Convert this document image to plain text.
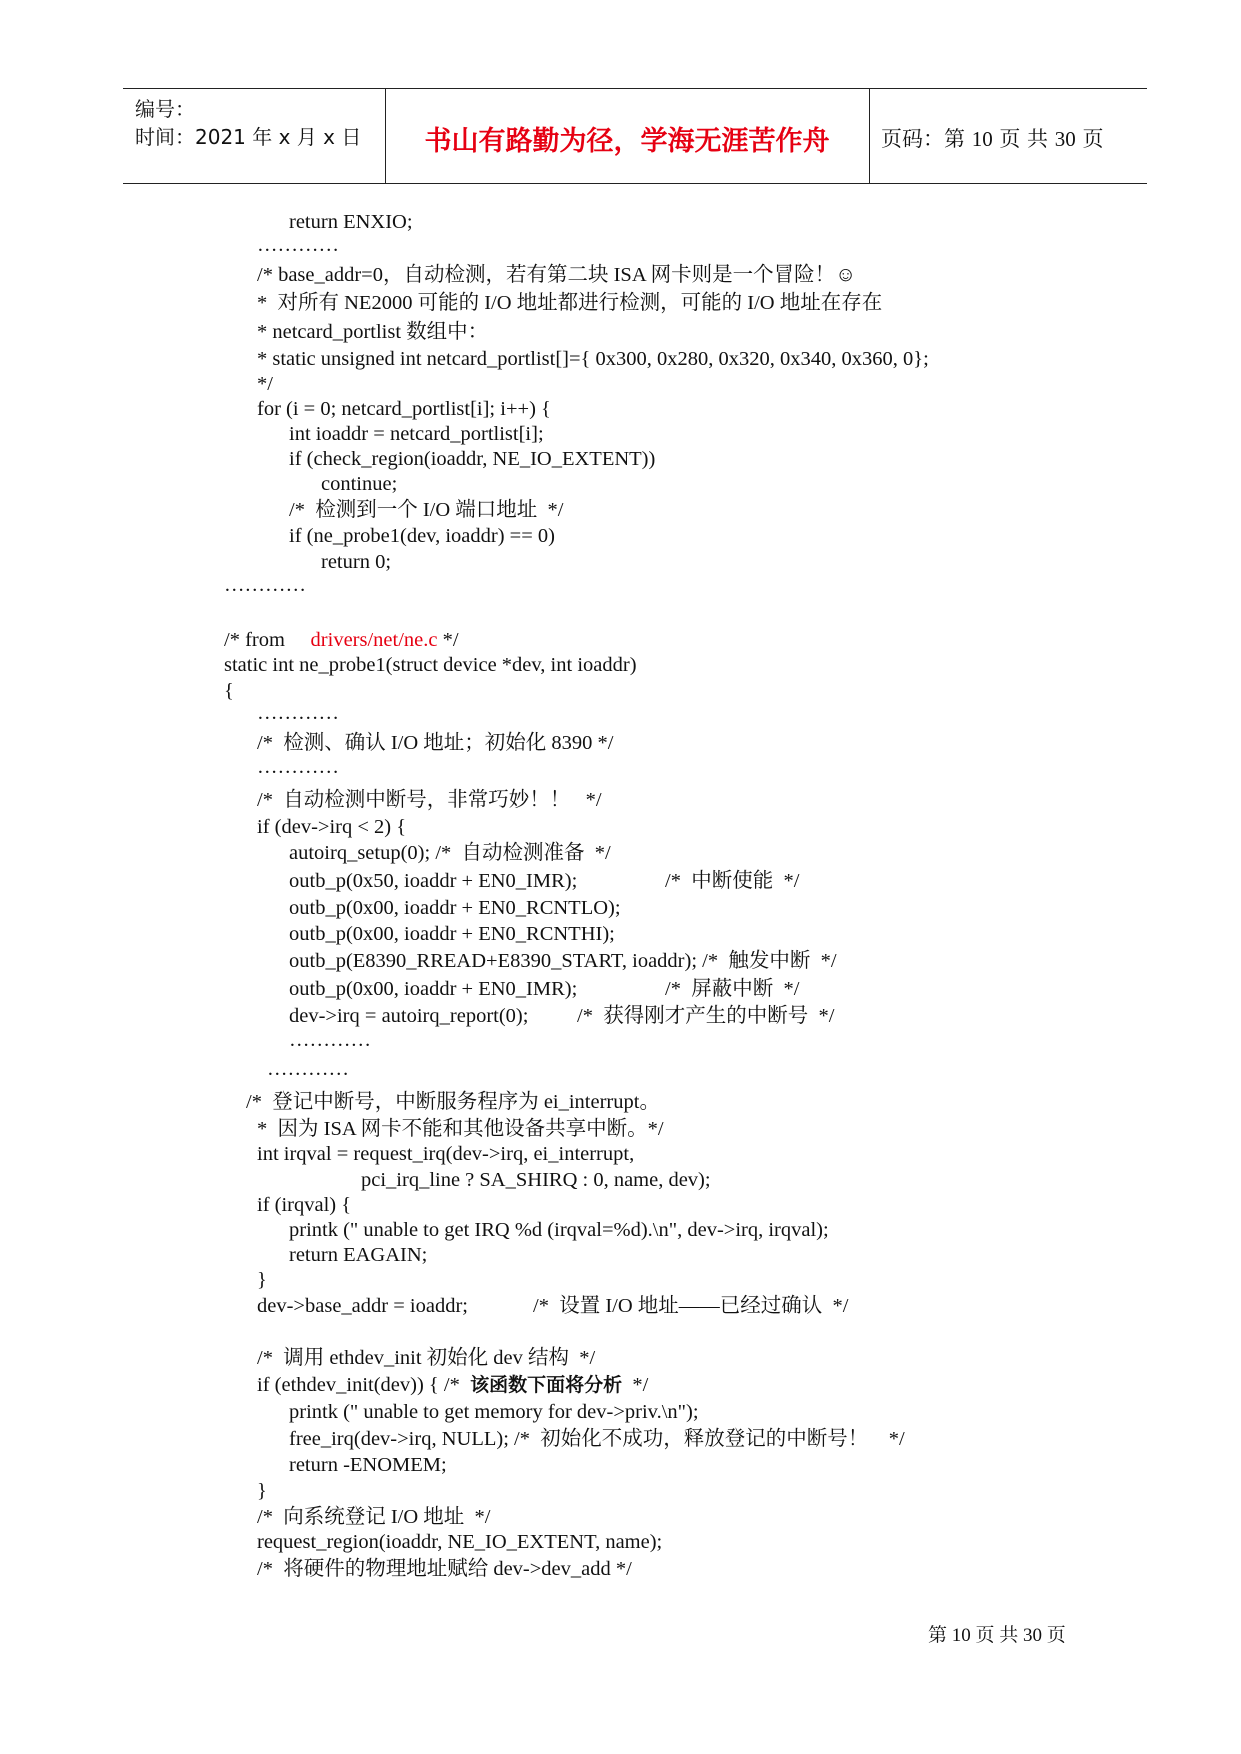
编号：
时间：2021 年 x 月 x 日	书山有路勤为径，学海无涯苦作舟	页码：第 10 页 共 30 页
return ENXIO;
…………
/* base_addr=0，自动检测，若有第二块 ISA 网卡则是一个冒险！☺
*  对所有 NE2000 可能的 I/O 地址都进行检测，可能的 I/O 地址在存在
* netcard_portlist 数组中：
* static unsigned int netcard_portlist[]={ 0x300, 0x280, 0x320, 0x340, 0x360, 0};
*/
for (i = 0; netcard_portlist[i]; i++) {
int ioaddr = netcard_portlist[i];
if (check_region(ioaddr, NE_IO_EXTENT))
continue;
/*  检测到一个 I/O 端口地址  */
if (ne_probe1(dev, ioaddr) == 0)
return 0;
…………
/* from drivers/net/ne.c */
static int ne_probe1(struct device *dev, int ioaddr)
{
…………
/*  检测、确认 I/O 地址；初始化 8390 */
…………
/*  自动检测中断号，非常巧妙！！   */
if (dev->irq < 2) {
autoirq_setup(0); /*  自动检测准备  */
outb_p(0x50, ioaddr + EN0_IMR);	/*  中断使能  */
outb_p(0x00, ioaddr + EN0_RCNTLO);
outb_p(0x00, ioaddr + EN0_RCNTHI);
outb_p(E8390_RREAD+E8390_START, ioaddr); /*  触发中断  */
outb_p(0x00, ioaddr + EN0_IMR);	/*  屏蔽中断  */
dev->irq = autoirq_report(0); /*  获得刚才产生的中断号  */
…………
…………
/*  登记中断号，中断服务程序为 ei_interrupt。
*  因为 ISA 网卡不能和其他设备共享中断。*/
int irqval = request_irq(dev->irq, ei_interrupt,
pci_irq_line ? SA_SHIRQ : 0, name, dev);
if (irqval) {
printk (" unable to get IRQ %d (irqval=%d).\n", dev->irq, irqval);
return EAGAIN;
}
dev->base_addr = ioaddr;	/*  设置 I/O 地址——已经过确认  */
/*  调用 ethdev_init 初始化 dev 结构  */
if (ethdev_init(dev)) { /* 该函数下面将分析 */
printk (" unable to get memory for dev->priv.\n");
free_irq(dev->irq, NULL); /*  初始化不成功，释放登记的中断号！    */
return -ENOMEM;
}
/*  向系统登记 I/O 地址  */
request_region(ioaddr, NE_IO_EXTENT, name);
/*  将硬件的物理地址赋给 dev->dev_add */
第 10 页 共 30 页
